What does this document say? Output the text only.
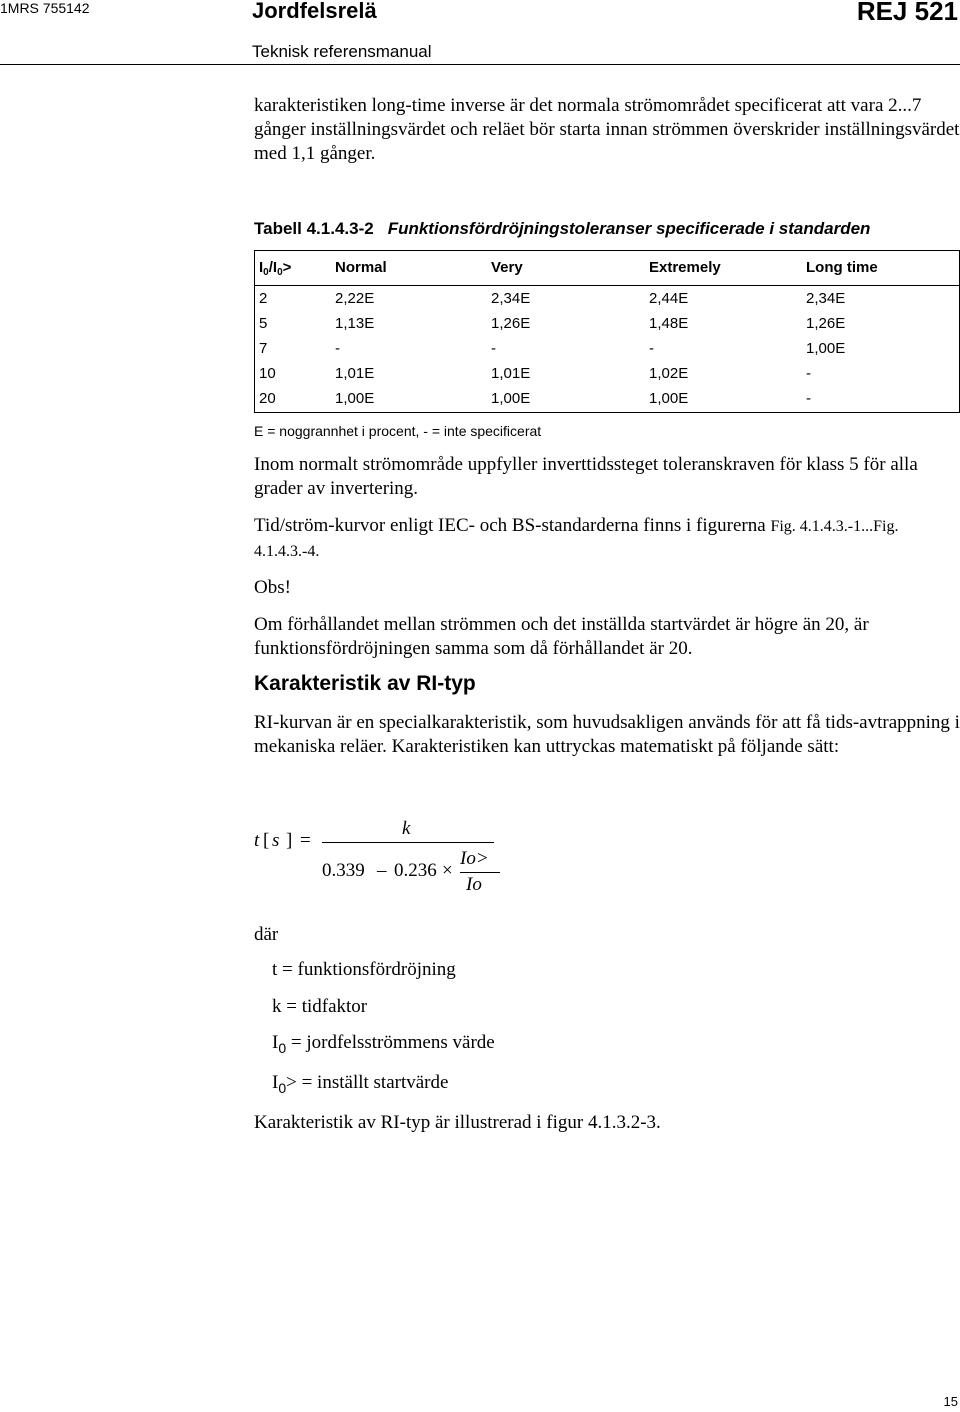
1MRS 755142	Jordfelsrelä
Teknisk referensmanual
REJ 521
karakteristiken long-time inverse är det normala strömområdet specificerat att vara 2...7 gånger inställningsvärdet och reläet bör starta innan strömmen överskrider inställningsvärdet med 1,1 gånger.
Tabell 4.1.4.3-2 Funktionsfördröjningstoleranser specificerade i standarden
$I_0/I_0>$	Normal	Very	Extremely	Long time
2	2,22E	2,34E	2,44E	2,34E
5	1,13E	1,26E	1,48E	1,26E
7	-	-	-	1,00E
10	1,01E	1,01E	1,02E	-
20	1,00E	1,00E	1,00E	-
E = noggrannhet i procent, - = inte specificerat
Inom normalt strömområde uppfyller inverttidssteget toleranskraven för klass 5 för alla grader av invertering.
Tid/ström-kurvor enligt IEC- och BS-standarderna finns i figurerna Fig. 4.1.4.3.-1...Fig. 4.1.4.3.-4.
Obs!
Om förhållandet mellan strömmen och det inställda startvärdet är högre än 20, är funktionsfördröjningen samma som då förhållandet är 20.
Karakteristik av RI-typ
RI-kurvan är en specialkarakteristik, som huvudsakligen används för att få tids-avtrappning i mekaniska reläer. Karakteristiken kan uttryckas matematiskt på följande sätt:
t [ s ] =
k
0.339 – 0.236 ×
Io>
Io
där
t = funktionsfördröjning
k = tidfaktor
$I_0$ = jordfelsströmmens värde
$I_0>$ = inställt startvärde
Karakteristik av RI-typ är illustrerad i figur 4.1.3.2-3.
15
